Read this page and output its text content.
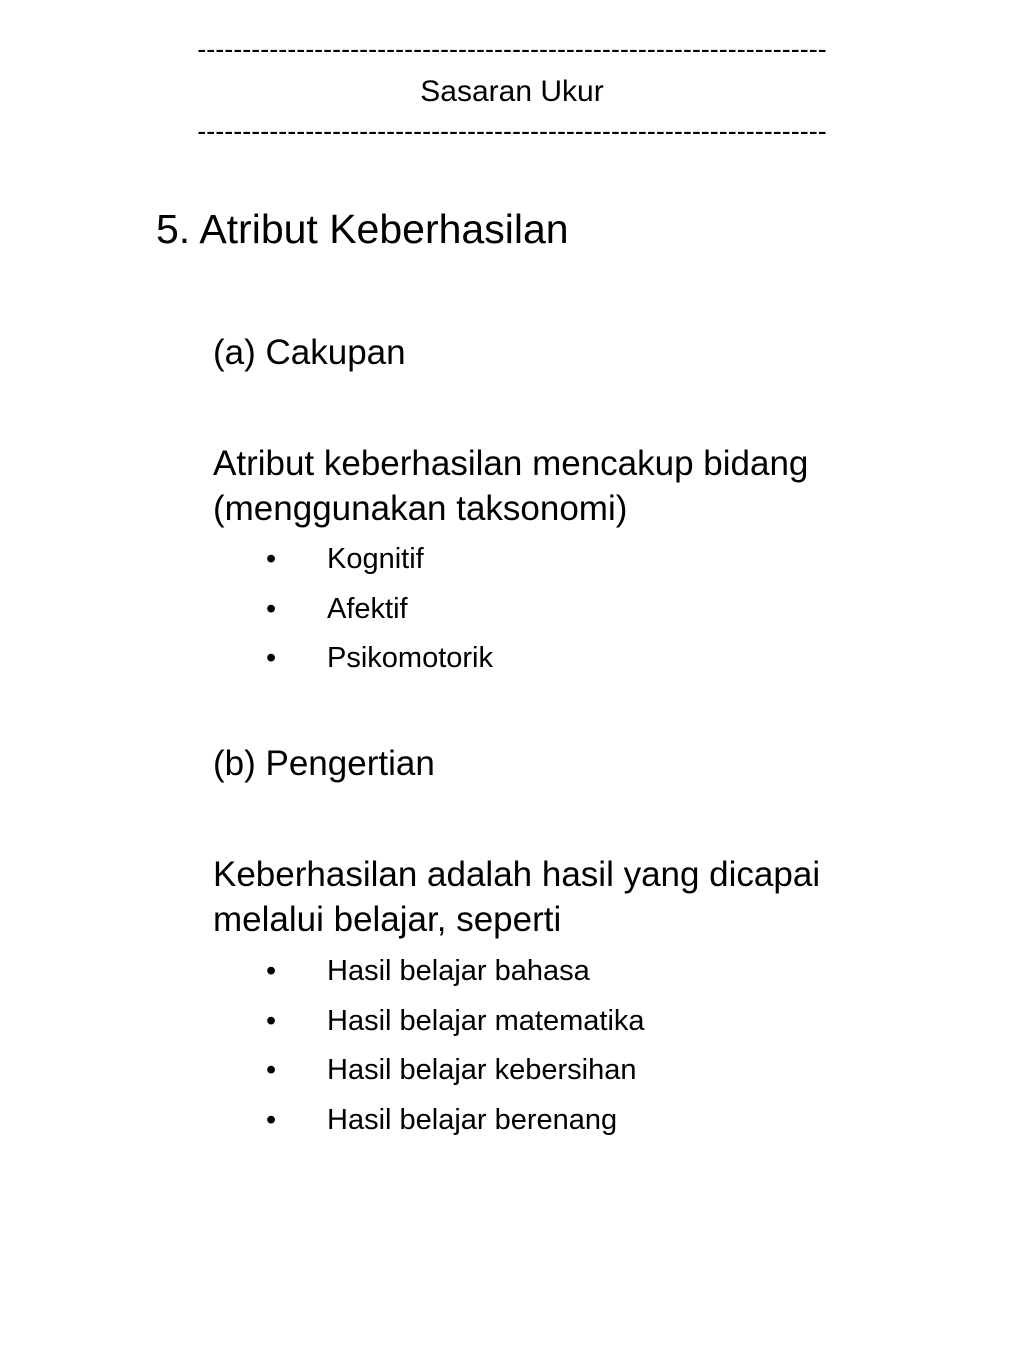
----------------------------------------------------------------------
Sasaran Ukur
----------------------------------------------------------------------
5. Atribut Keberhasilan
(a) Cakupan
Atribut keberhasilan mencakup bidang
(menggunakan taksonomi)
• Kognitif
• Afektif
• Psikomotorik
(b) Pengertian
Keberhasilan adalah hasil yang dicapai
melalui belajar, seperti
• Hasil belajar bahasa
• Hasil belajar matematika
• Hasil belajar kebersihan
• Hasil belajar berenang
